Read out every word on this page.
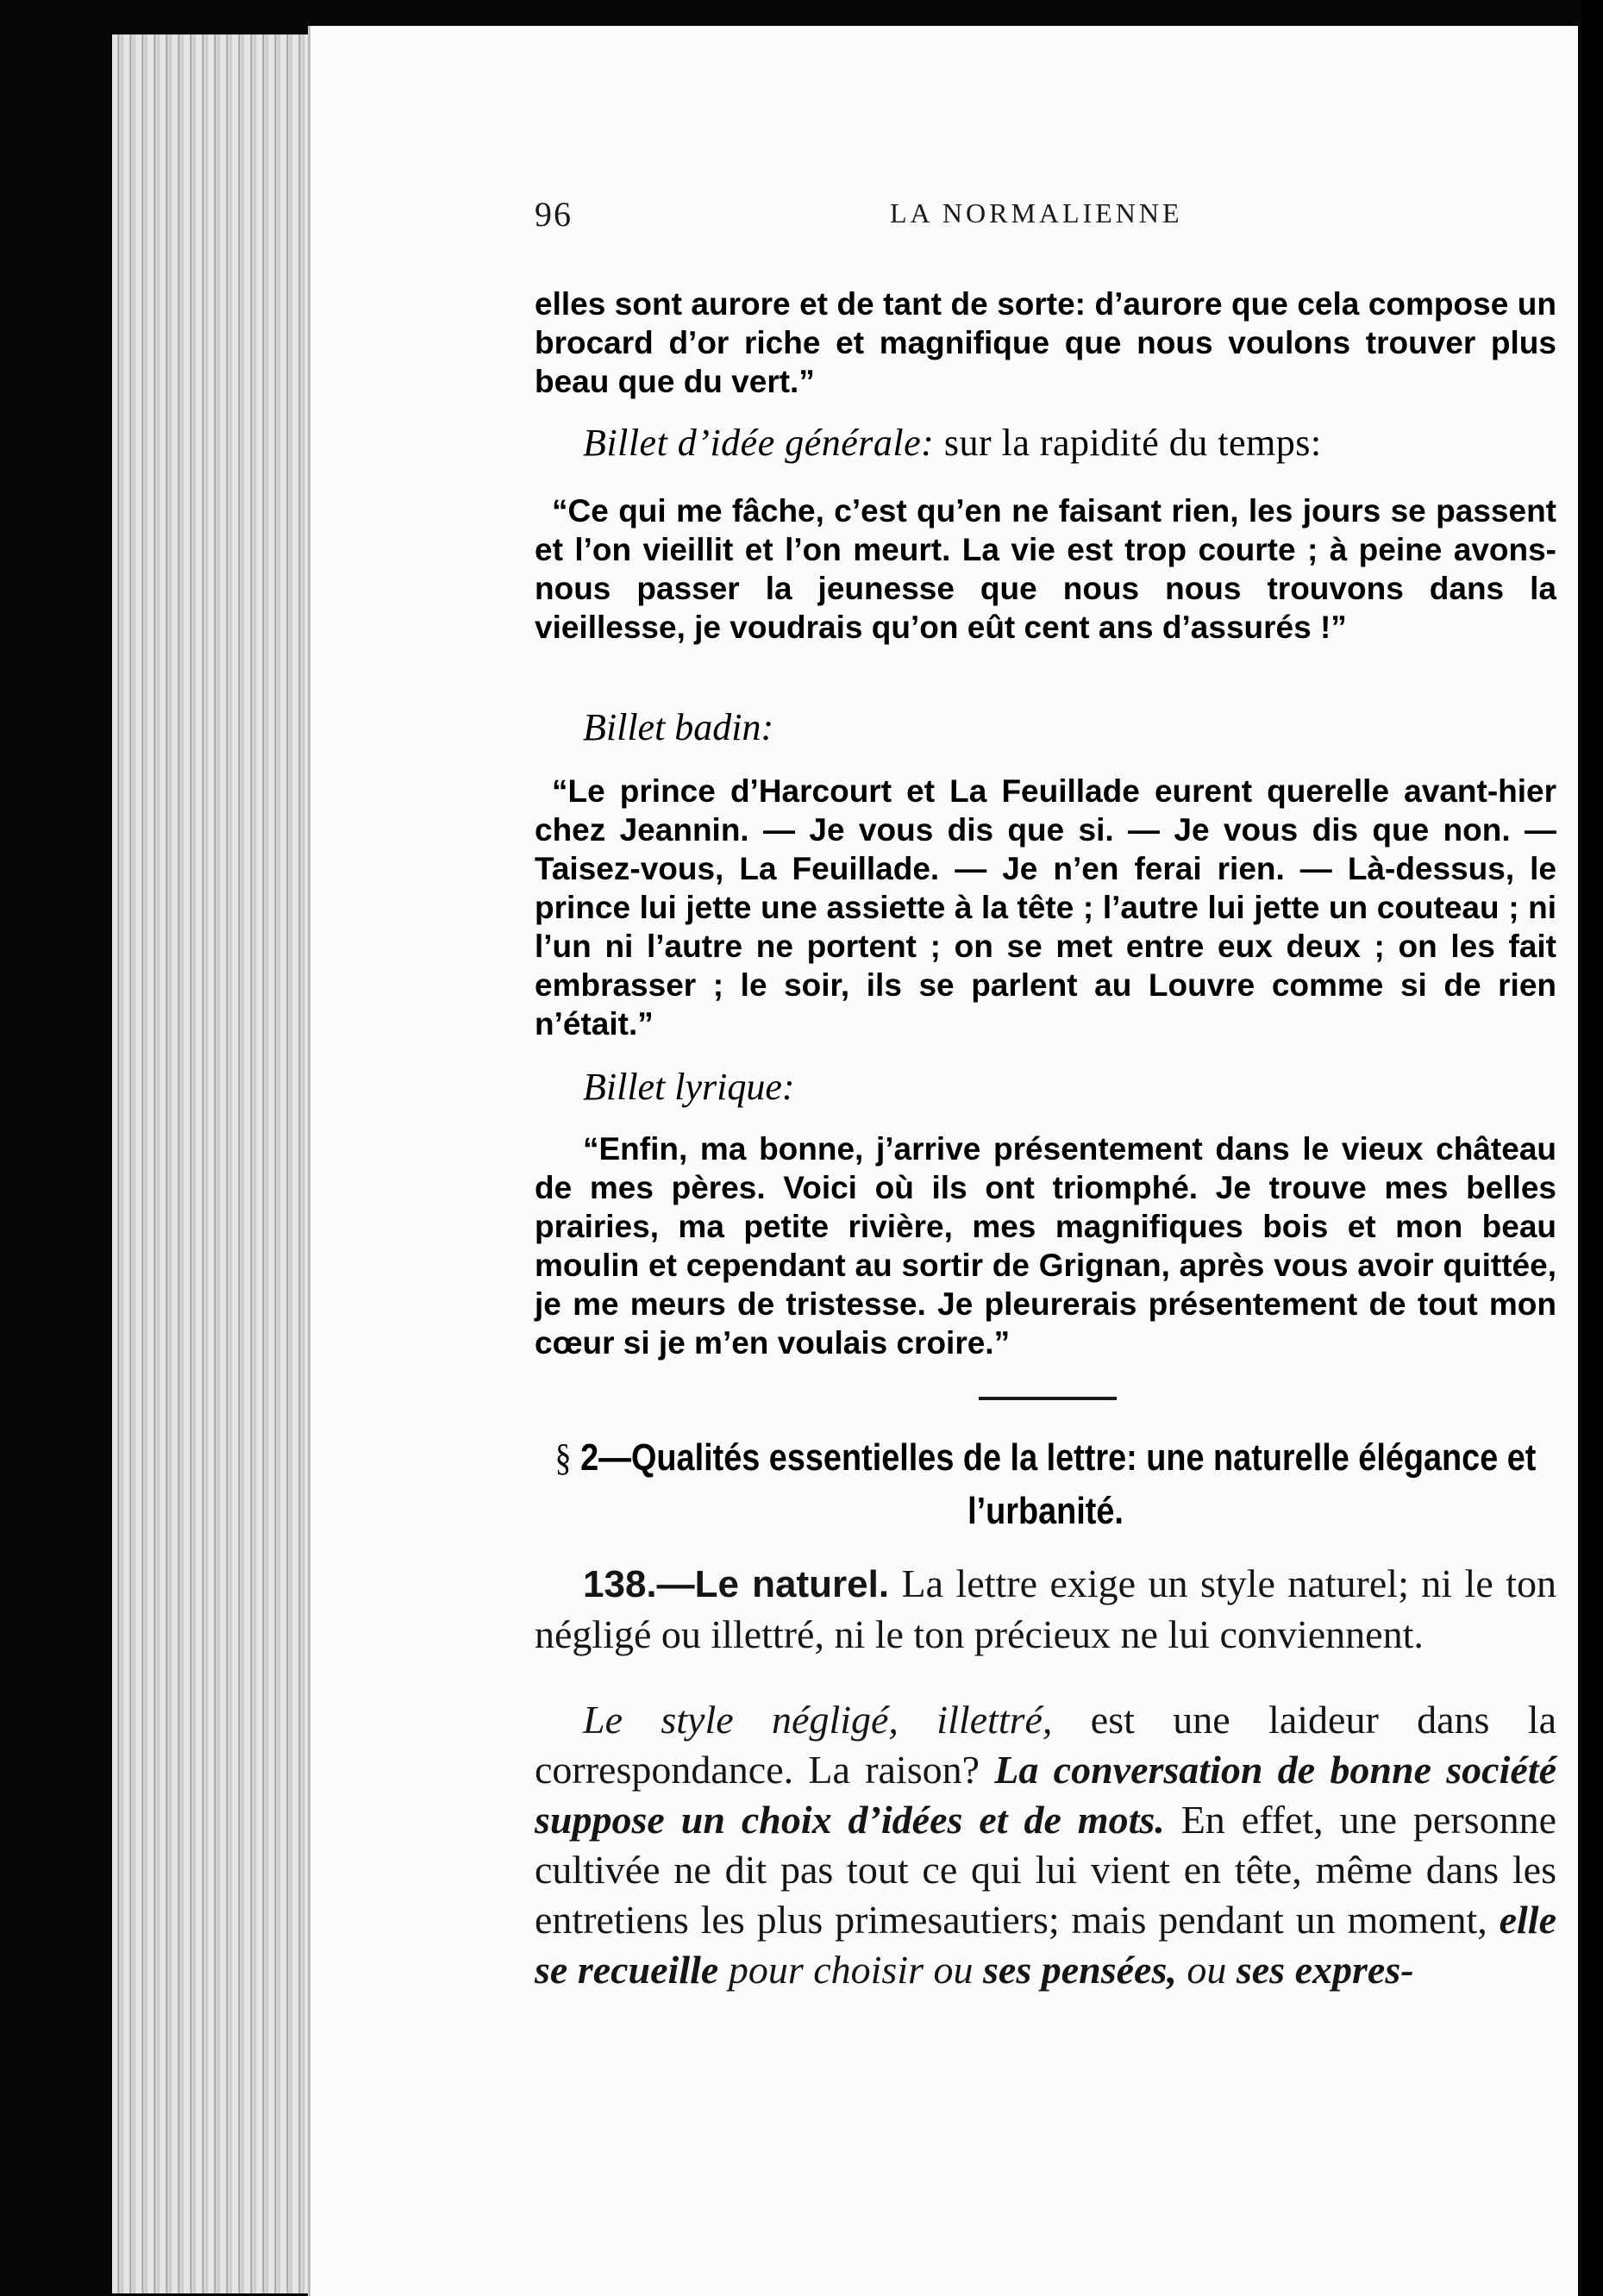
96	LA NORMALIENNE

elles sont aurore et de tant de sorte: d’aurore que cela compose un brocard d’or riche et magnifique que nous voulons trouver plus beau que du vert.”

Billet d’idée générale: sur la rapidité du temps:

“Ce qui me fâche, c’est qu’en ne faisant rien, les jours se passent et l’on vieillit et l’on meurt. La vie est trop courte ; à peine avons-nous passer la jeunesse que nous nous trouvons dans la vieillesse, je voudrais qu’on eût cent ans d’assurés !”

Billet badin:

“Le prince d’Harcourt et La Feuillade eurent querelle avant-hier chez Jeannin. — Je vous dis que si. — Je vous dis que non. — Taisez-vous, La Feuillade. — Je n’en ferai rien. — Là-dessus, le prince lui jette une assiette à la tête ; l’autre lui jette un couteau ; ni l’un ni l’autre ne portent ; on se met entre eux deux ; on les fait embrasser ; le soir, ils se parlent au Louvre comme si de rien n’était.”

Billet lyrique:

“Enfin, ma bonne, j’arrive présentement dans le vieux château de mes pères. Voici où ils ont triomphé. Je trouve mes belles prairies, ma petite rivière, mes magnifiques bois et mon beau moulin et cependant au sortir de Grignan, après vous avoir quittée, je me meurs de tristesse. Je pleurerais présentement de tout mon cœur si je m’en voulais croire.”

§ 2—Qualités essentielles de la lettre: une naturelle élégance et l’urbanité.

138.—Le naturel. La lettre exige un style naturel; ni le ton négligé ou illettré, ni le ton précieux ne lui conviennent.

Le style négligé, illettré, est une laideur dans la correspondance. La raison? La conversation de bonne société suppose un choix d’idées et de mots. En effet, une personne cultivée ne dit pas tout ce qui lui vient en tête, même dans les entretiens les plus primesautiers; mais pendant un moment, elle se recueille pour choisir ou ses pensées, ou ses expres-
